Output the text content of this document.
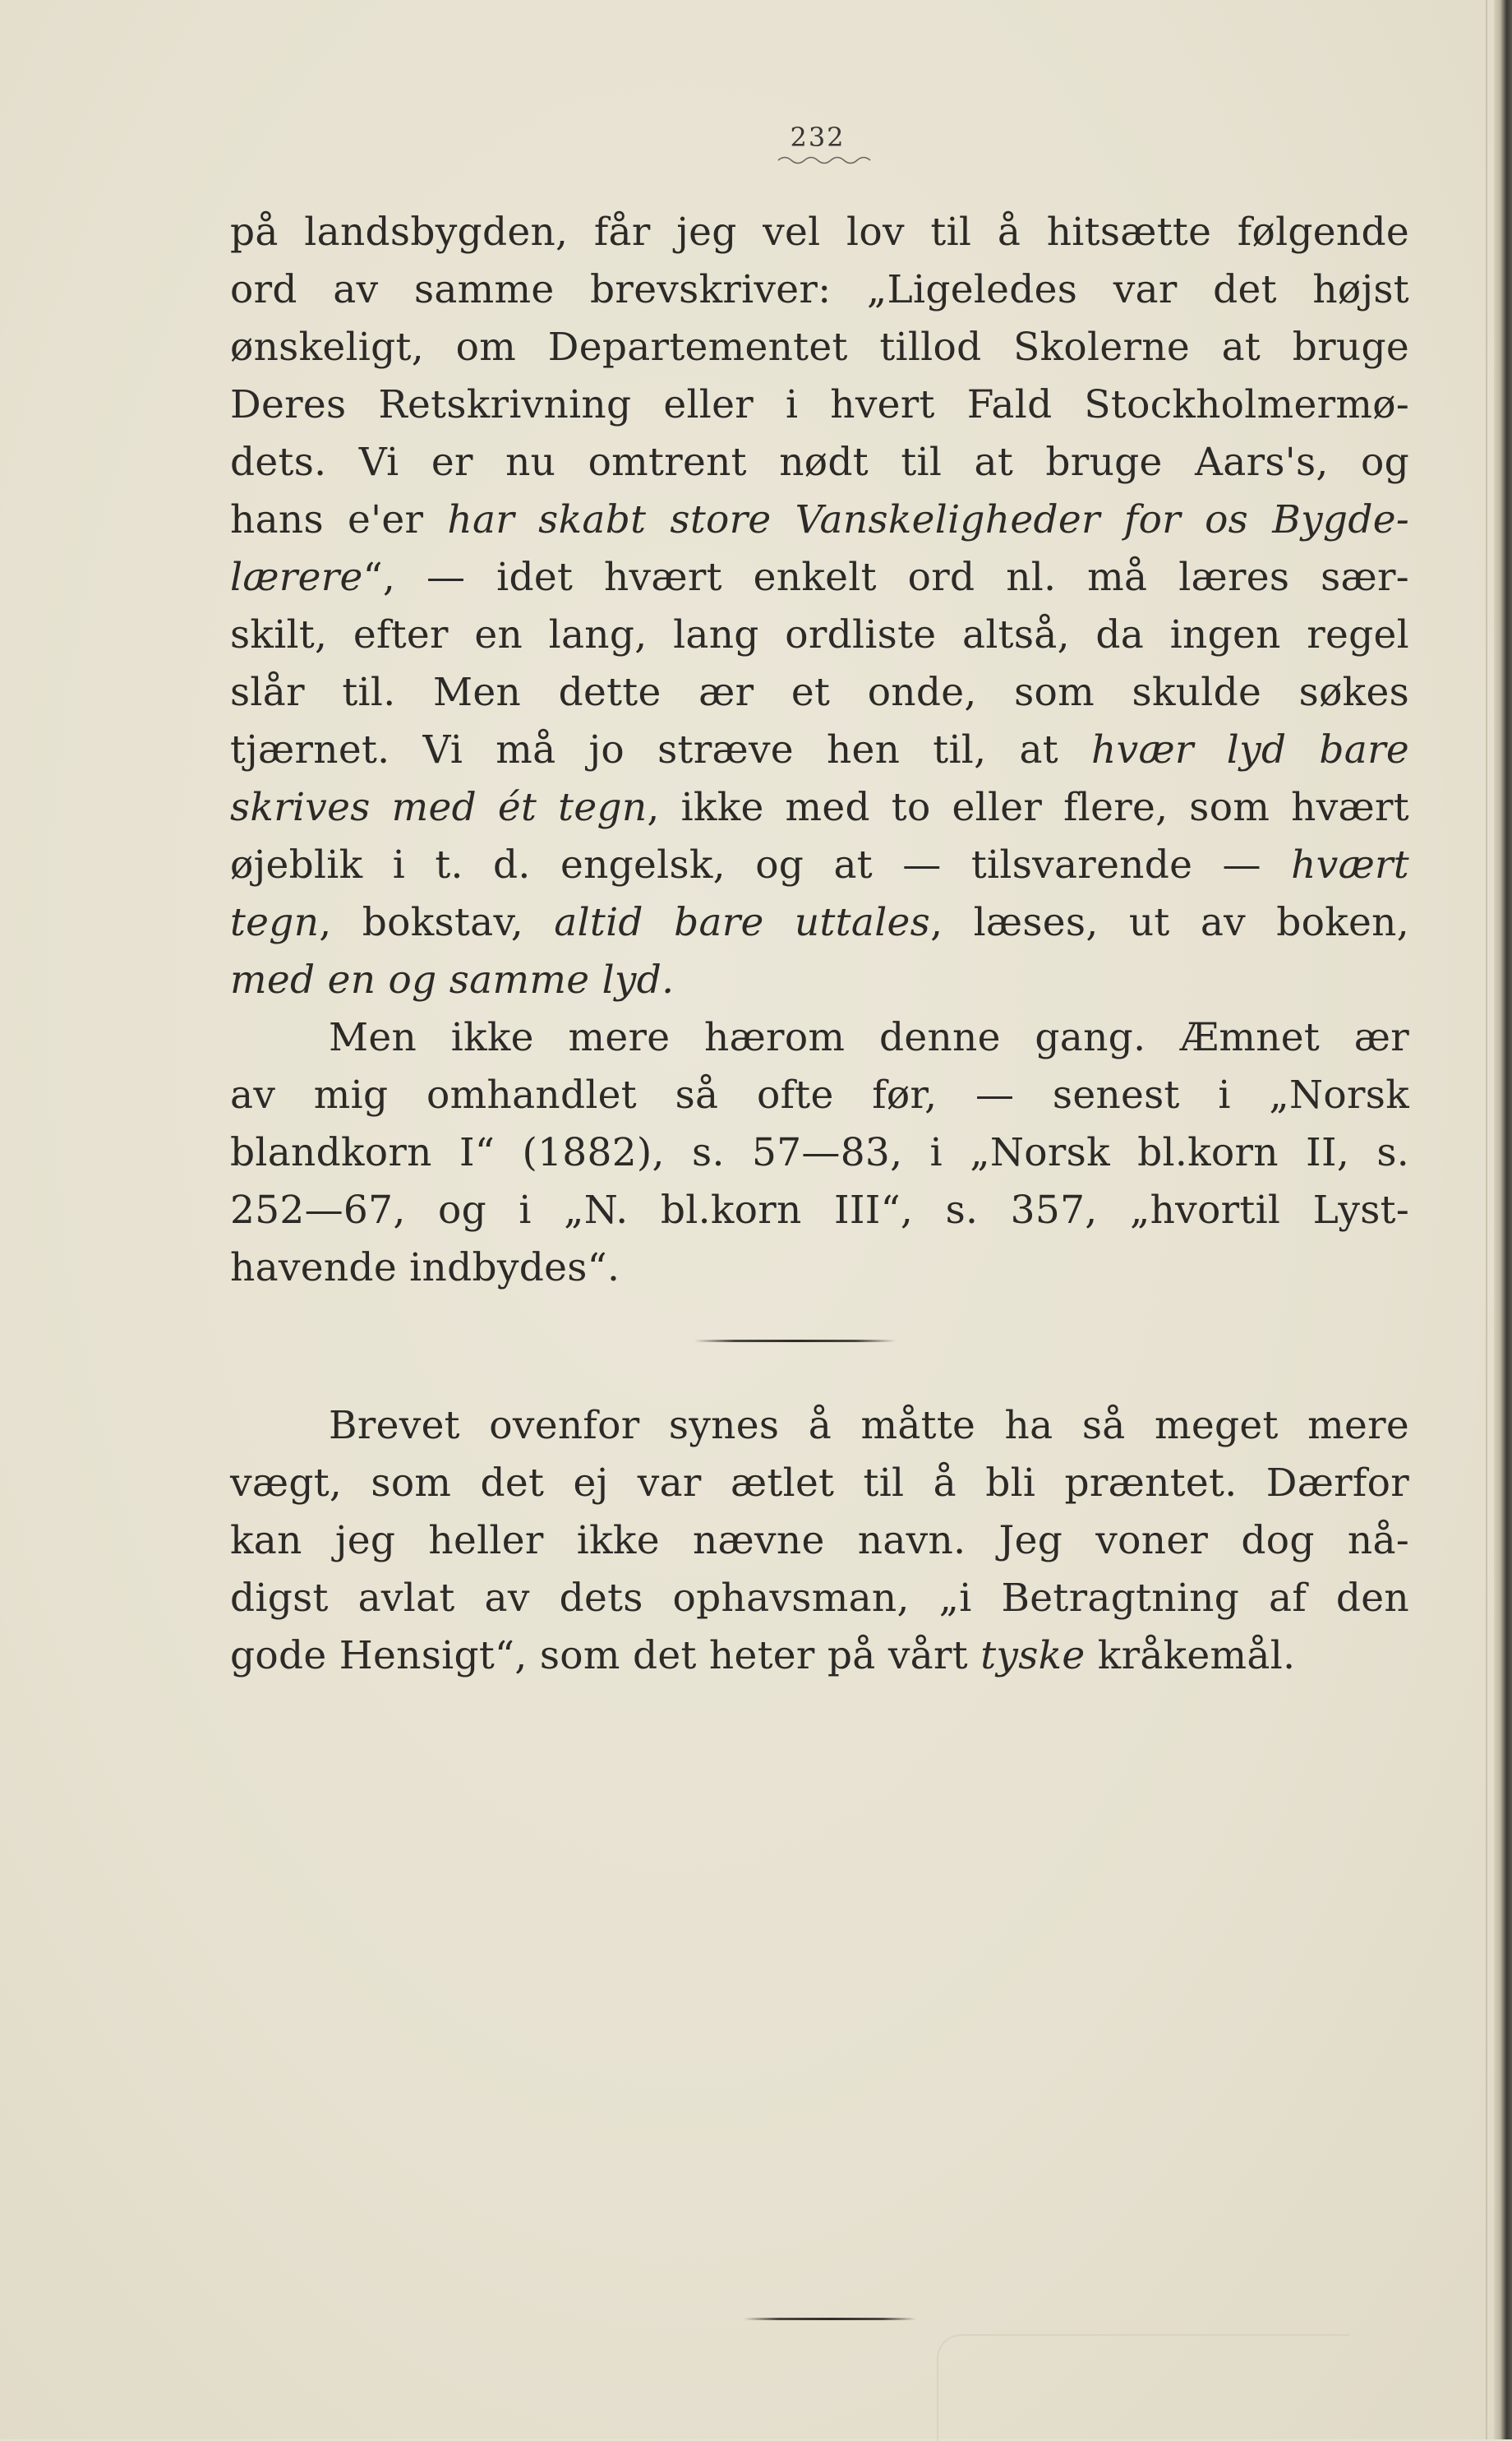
232
på landsbygden, får jeg vel lov til å hitsætte følgende
ord av samme brevskriver: „Ligeledes var det højst
ønskeligt, om Departementet tillod Skolerne at bruge
Deres Retskrivning eller i hvert Fald Stockholmermø-
dets. Vi er nu omtrent nødt til at bruge Aars's, og
hans e'er har skabt store Vanskeligheder for os Bygde-
lærere“, — idet hvært enkelt ord nl. må læres sær-
skilt, efter en lang, lang ordliste altså, da ingen regel
slår til. Men dette ær et onde, som skulde søkes
tjærnet. Vi må jo stræve hen til, at hvær lyd bare
skrives med ét tegn, ikke med to eller flere, som hvært
øjeblik i t. d. engelsk, og at — tilsvarende — hvært
tegn, bokstav, altid bare uttales, læses, ut av boken,
med en og samme lyd.
Men ikke mere hærom denne gang. Æmnet ær
av mig omhandlet så ofte før, — senest i „Norsk
blandkorn I“ (1882), s. 57—83, i „Norsk bl.korn II, s.
252—67, og i „N. bl.korn III“, s. 357, „hvortil Lyst-
havende indbydes“.
Brevet ovenfor synes å måtte ha så meget mere
vægt, som det ej var ætlet til å bli præntet. Dærfor
kan jeg heller ikke nævne navn. Jeg voner dog nå-
digst avlat av dets ophavsman, „i Betragtning af den
gode Hensigt“, som det heter på vårt tyske kråkemål.
